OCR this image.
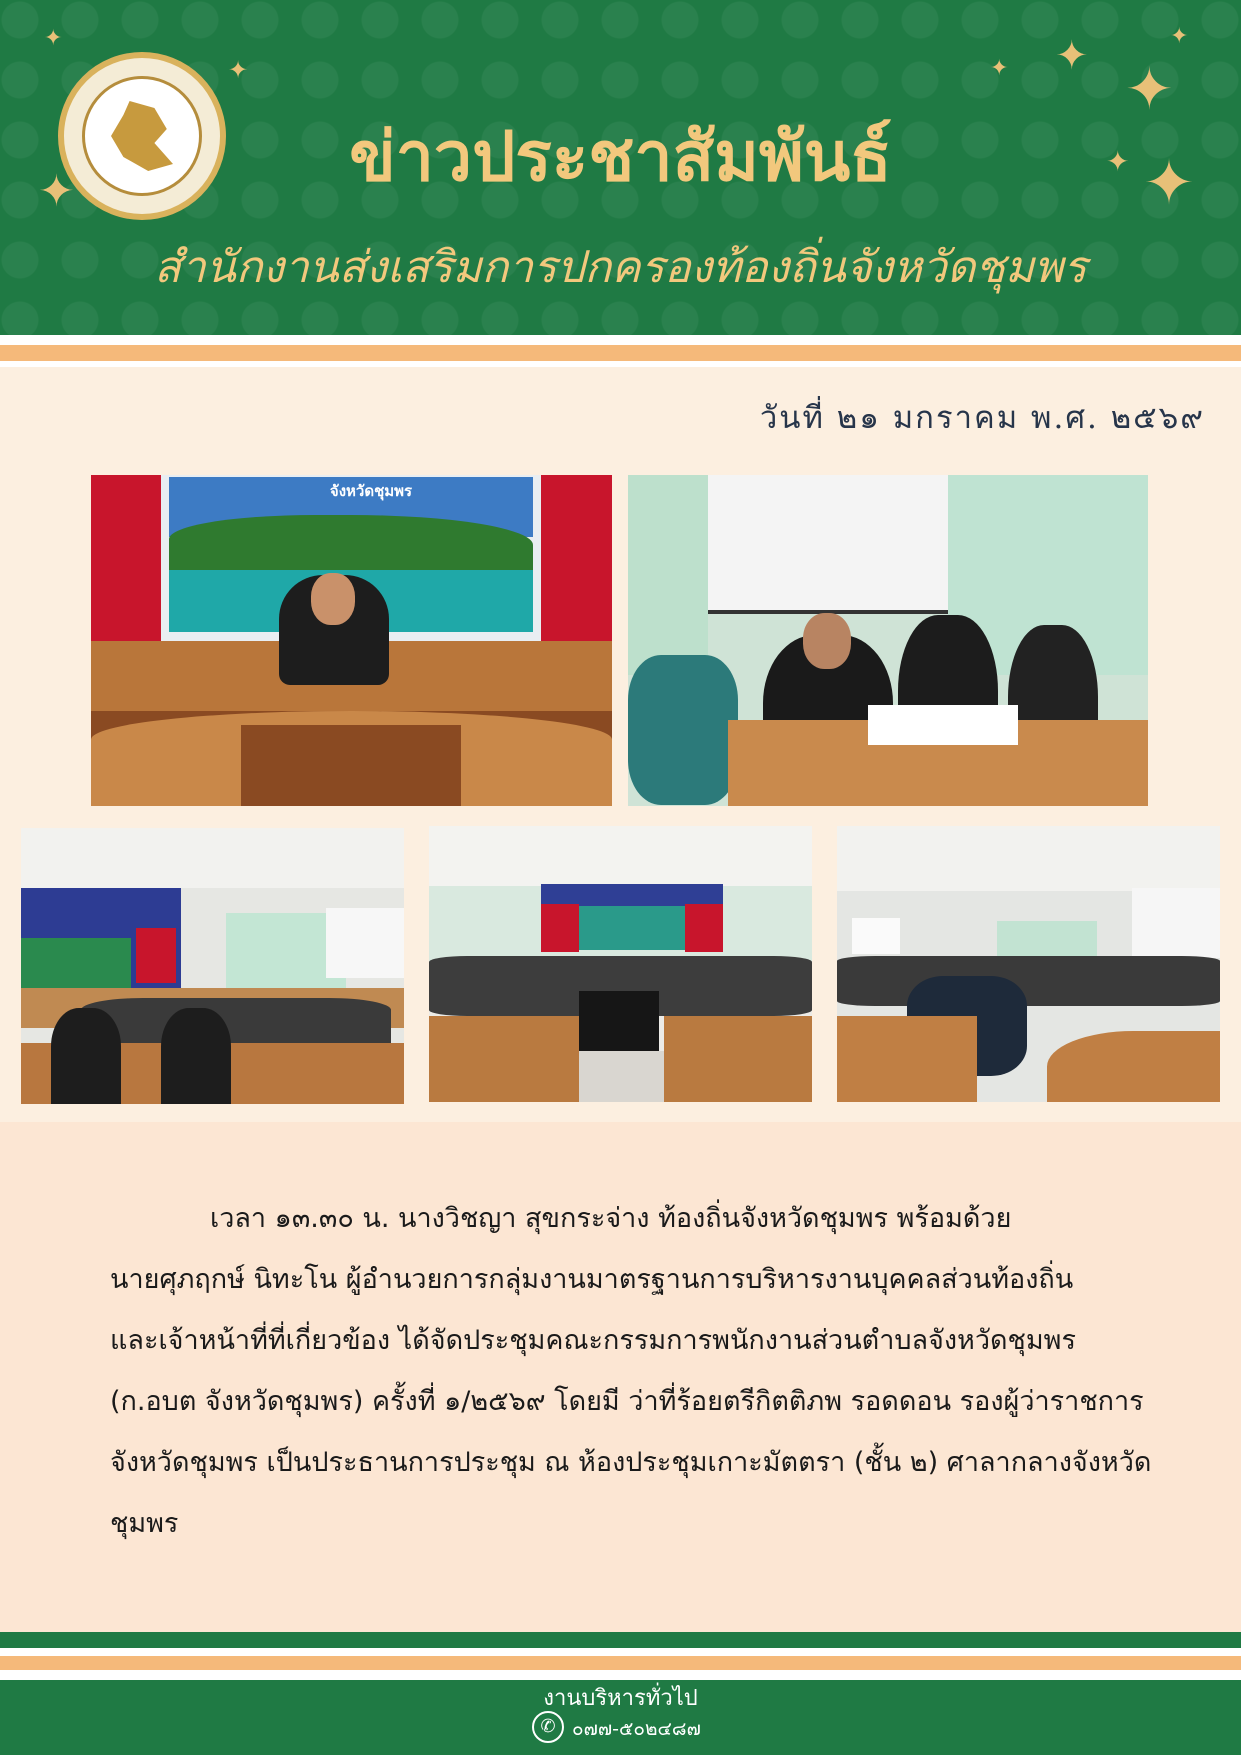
✦
✦
✦	✦ ✦ ✦
✦ ✦
✦
ข่าวประชาสัมพันธ์
สำนักงานส่งเสริมการปกครองท้องถิ่นจังหวัดชุมพร
วันที่ ๒๑ มกราคม พ.ศ. ๒๕๖๙
จังหวัดชุมพร
เวลา ๑๓.๓๐ น. นางวิชญา สุขกระจ่าง ท้องถิ่นจังหวัดชุมพร พร้อมด้วย
นายศุภฤกษ์ นิทะโน ผู้อำนวยการกลุ่มงานมาตรฐานการบริหารงานบุคคลส่วนท้องถิ่น
และเจ้าหน้าที่ที่เกี่ยวข้อง ได้จัดประชุมคณะกรรมการพนักงานส่วนตำบลจังหวัดชุมพร
(ก.อบต จังหวัดชุมพร) ครั้งที่ ๑/๒๕๖๙ โดยมี ว่าที่ร้อยตรีกิตติภพ รอดดอน รองผู้ว่าราชการ
จังหวัดชุมพร เป็นประธานการประชุม ณ ห้องประชุมเกาะมัตตรา (ชั้น ๒) ศาลากลางจังหวัด
ชุมพร
งานบริหารทั่วไป
✆ ๐๗๗-๕๐๒๔๘๗
